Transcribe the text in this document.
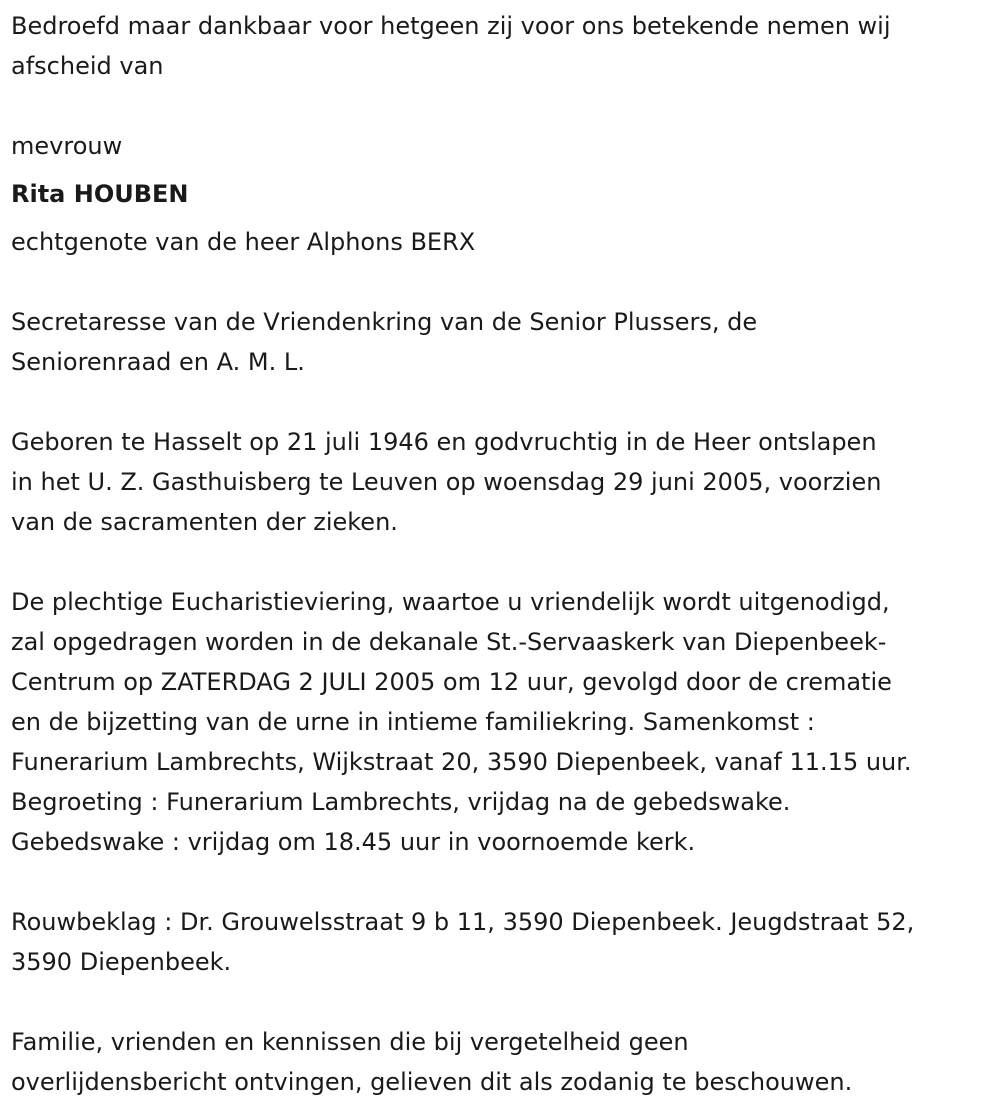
Bedroefd maar dankbaar voor hetgeen zij voor ons betekende nemen wij
afscheid van
mevrouw
Rita HOUBEN
echtgenote van de heer Alphons BERX
Secretaresse van de Vriendenkring van de Senior Plussers, de
Seniorenraad en A. M. L.
Geboren te Hasselt op 21 juli 1946 en godvruchtig in de Heer ontslapen
in het U. Z. Gasthuisberg te Leuven op woensdag 29 juni 2005, voorzien
van de sacramenten der zieken.
De plechtige Eucharistieviering, waartoe u vriendelijk wordt uitgenodigd,
zal opgedragen worden in de dekanale St.-Servaaskerk van Diepenbeek-
Centrum op ZATERDAG 2 JULI 2005 om 12 uur, gevolgd door de crematie
en de bijzetting van de urne in intieme familiekring. Samenkomst :
Funerarium Lambrechts, Wijkstraat 20, 3590 Diepenbeek, vanaf 11.15 uur.
Begroeting : Funerarium Lambrechts, vrijdag na de gebedswake.
Gebedswake : vrijdag om 18.45 uur in voornoemde kerk.
Rouwbeklag : Dr. Grouwelsstraat 9 b 11, 3590 Diepenbeek. Jeugdstraat 52,
3590 Diepenbeek.
Familie, vrienden en kennissen die bij vergetelheid geen
overlijdensbericht ontvingen, gelieven dit als zodanig te beschouwen.
